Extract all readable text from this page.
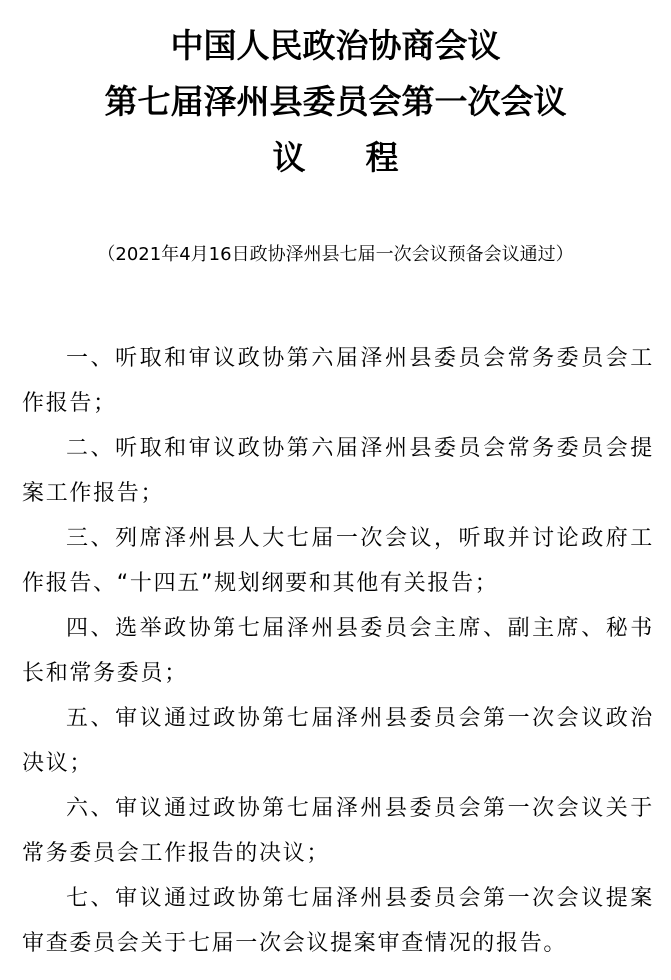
中国人民政治协商会议
第七届泽州县委员会第一次会议
议程

（2021年4月16日政协泽州县七届一次会议预备会议通过）

一、听取和审议政协第六届泽州县委员会常务委员会工作报告；
二、听取和审议政协第六届泽州县委员会常务委员会提案工作报告；
三、列席泽州县人大七届一次会议，听取并讨论政府工作报告、“十四五”规划纲要和其他有关报告；
四、选举政协第七届泽州县委员会主席、副主席、秘书长和常务委员；
五、审议通过政协第七届泽州县委员会第一次会议政治决议；
六、审议通过政协第七届泽州县委员会第一次会议关于常务委员会工作报告的决议；
七、审议通过政协第七届泽州县委员会第一次会议提案审查委员会关于七届一次会议提案审查情况的报告。
